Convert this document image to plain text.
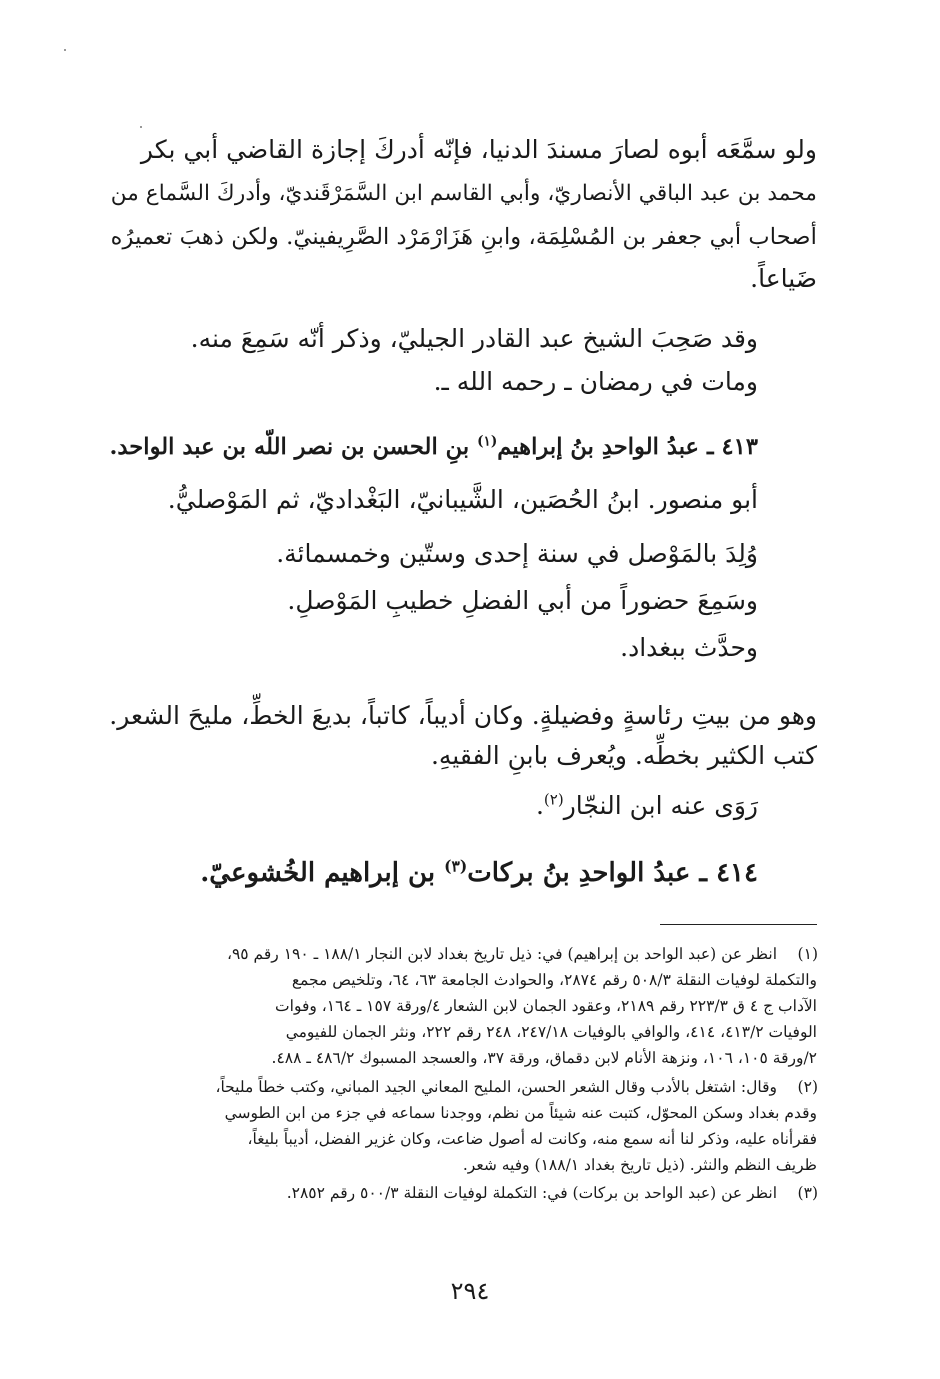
ولو سمَّعَه أبوه لصارَ مسندَ الدنيا، فإنّه أدركَ إجازة القاضي أبي بكر
محمد بن عبد الباقي الأنصاريّ، وأبي القاسم ابن السَّمَرْقَنديّ، وأدركَ السَّماع من
أصحاب أبي جعفر بن المُسْلِمَة، وابنِ هَزَارْمَرْد الصَّرِيفينيّ. ولكن ذهبَ تعميرُه
ضَياعاً.
وقد صَحِبَ الشيخ عبد القادر الجيليّ، وذكر أنّه سَمِعَ منه.
ومات في رمضان ـ رحمه الله ـ.
٤١٣ ـ عبدُ الواحدِ بنُ إبراهيم$^{(١)}$ بنِ الحسن بن نصر اللّه بن عبد الواحد.
أبو منصور. ابنُ الحُصَين، الشَّيبانيّ، البَغْداديّ، ثم المَوْصليُّ.
وُلِدَ بالمَوْصل في سنة إحدى وستّين وخمسمائة.
وسَمِعَ حضوراً من أبي الفضلِ خطيبِ المَوْصلِ.
وحدَّث ببغداد.
وهو من بيتِ رئاسةٍ وفضيلةٍ. وكان أديباً، كاتباً، بديعَ الخطِّ، مليحَ الشعر.
كتب الكثير بخطِّه. ويُعرف بابنِ الفقيهِ.
رَوَى عنه ابن النجّار$^{(٢)}$.
٤١٤ ـ عبدُ الواحدِ بنُ بركات$^{(٣)}$ بن إبراهيم الخُشوعيّ.
(١)
انظر عن (عبد الواحد بن إبراهيم) في: ذيل تاريخ بغداد لابن النجار ١٨٨/١ ـ ١٩٠ رقم ٩٥،
والتكملة لوفيات النقلة ٥٠٨/٣ رقم ٢٨٧٤، والحوادث الجامعة ٦٣، ٦٤، وتلخيص مجمع
الآداب ج ٤ ق ٢٢٣/٣ رقم ٢١٨٩، وعقود الجمان لابن الشعار ٤/ورقة ١٥٧ ـ ١٦٤، وفوات
الوفيات ٤١٣/٢، ٤١٤، والوافي بالوفيات ٢٤٧/١٨، ٢٤٨ رقم ٢٢٢، ونثر الجمان للفيومي
٢/ورقة ١٠٥، ١٠٦، ونزهة الأنام لابن دقماق، ورقة ٣٧، والعسجد المسبوك ٤٨٦/٢ ـ ٤٨٨.
(٢)
وقال: اشتغل بالأدب وقال الشعر الحسن، المليح المعاني الجيد المباني، وكتب خطاً مليحاً،
وقدم بغداد وسكن المحوّل، كتبت عنه شيئاً من نظم، ووجدنا سماعه في جزء من ابن الطوسي
فقرأناه عليه، وذكر لنا أنه سمع منه، وكانت له أصول ضاعت، وكان غزير الفضل، أديباً بليغاً،
ظريف النظم والنثر. (ذيل تاريخ بغداد ١٨٨/١) وفيه شعر.
(٣)
انظر عن (عبد الواحد بن بركات) في: التكملة لوفيات النقلة ٥٠٠/٣ رقم ٢٨٥٢.
٢٩٤
